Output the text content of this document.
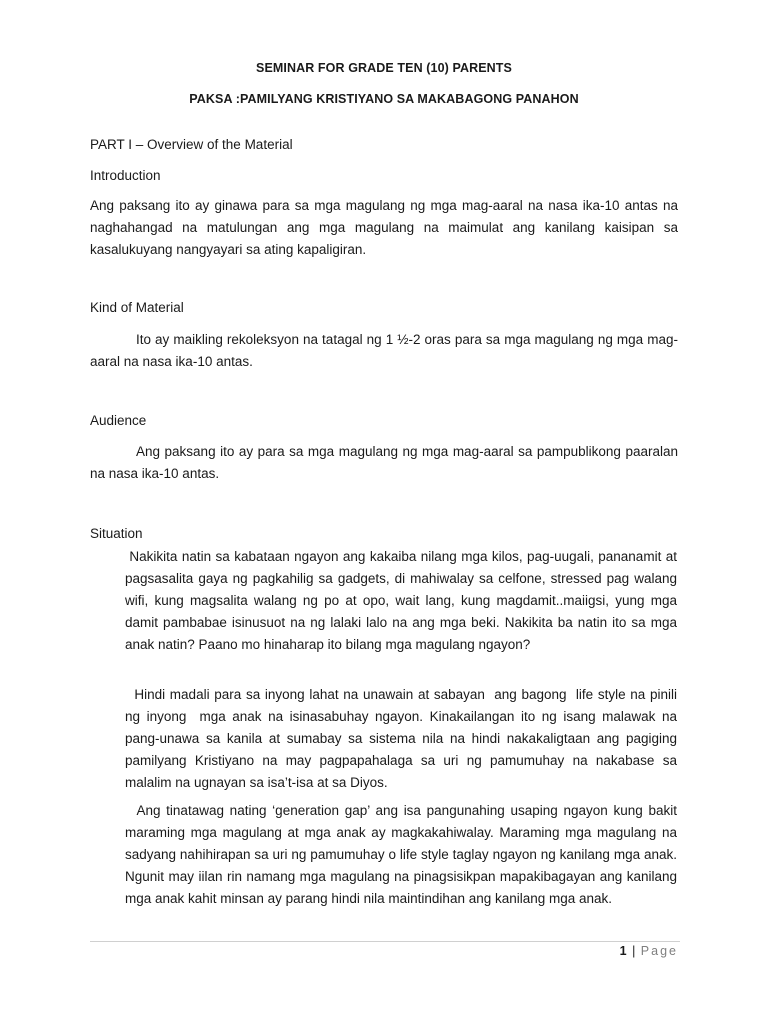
SEMINAR FOR GRADE TEN (10) PARENTS
PAKSA :PAMILYANG KRISTIYANO SA MAKABAGONG PANAHON
PART I – Overview of the Material
Introduction

Ang paksang ito ay ginawa para sa mga magulang ng mga mag-aaral na nasa ika-10 antas na naghahangad na matulungan ang mga magulang na maimulat ang kanilang kaisipan sa kasalukuyang nangyayari sa ating kapaligiran.

Kind of Material

Ito ay maikling rekoleksyon na tatagal ng 1 ½-2 oras para sa mga magulang ng mga mag-aaral na nasa ika-10 antas.

Audience

Ang paksang ito ay para sa mga magulang ng mga mag-aaral sa pampublikong paaralan na nasa ika-10 antas.

Situation

Nakikita natin sa kabataan ngayon ang kakaiba nilang mga kilos, pag-uugali, pananamit at pagsasalita gaya ng pagkahilig sa gadgets, di mahiwalay sa celfone, stressed pag walang wifi, kung magsalita walang ng po at opo, wait lang, kung magdamit..maiigsi, yung mga damit pambabae isinusuot na ng lalaki lalo na ang mga beki. Nakikita ba natin ito sa mga anak natin? Paano mo hinaharap ito bilang mga magulang ngayon?

Hindi madali para sa inyong lahat na unawain at sabayan  ang bagong  life style na pinili ng inyong  mga anak na isinasabuhay ngayon. Kinakailangan ito ng isang malawak na pang-unawa sa kanila at sumabay sa sistema nila na hindi nakakaligtaan ang pagiging pamilyang Kristiyano na may pagpapahalaga sa uri ng pamumuhay na nakabase sa malalim na ugnayan sa isa’t-isa at sa Diyos.

Ang tinatawag nating ‘generation gap’ ang isa pangunahing usaping ngayon kung bakit maraming mga magulang at mga anak ay magkakahiwalay. Maraming mga magulang na sadyang nahihirapan sa uri ng pamumuhay o life style taglay ngayon ng kanilang mga anak. Ngunit may iilan rin namang mga magulang na pinagsisikpan mapakibagayan ang kanilang mga anak kahit minsan ay parang hindi nila maintindihan ang kanilang mga anak.

1 | Page
